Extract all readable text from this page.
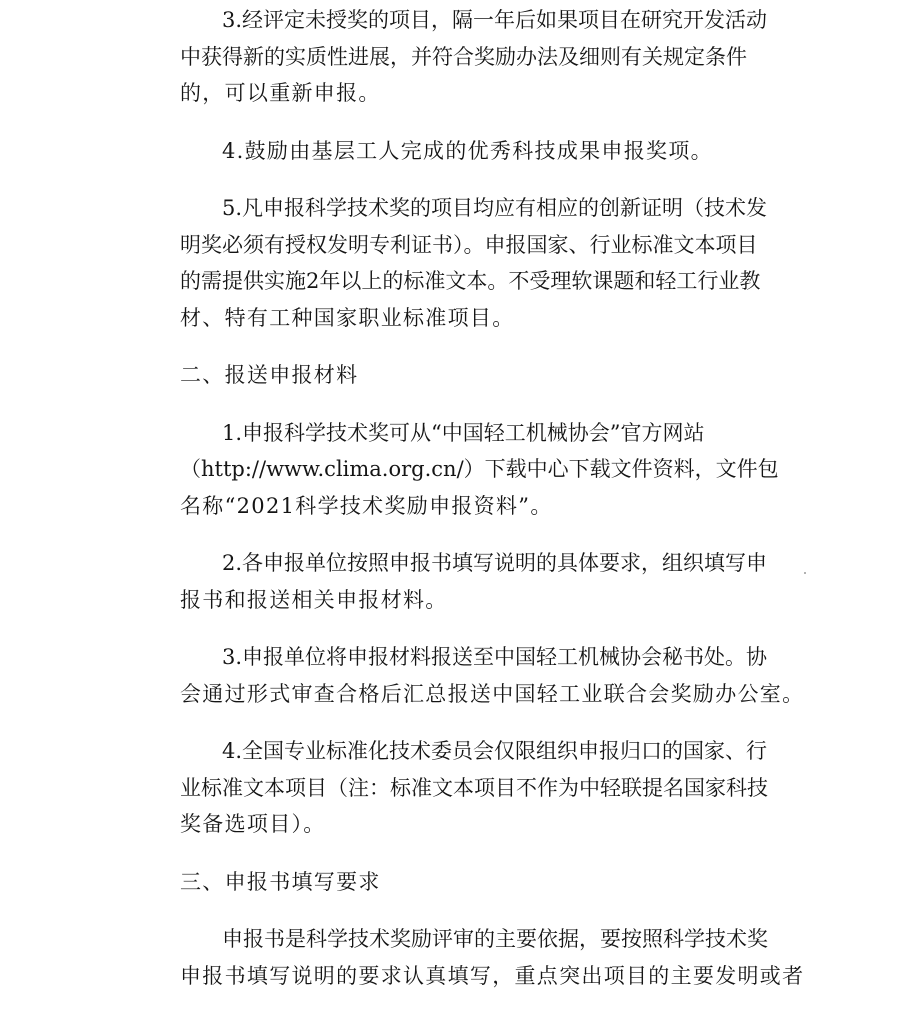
3.经评定未授奖的项目，隔一年后如果项目在研究开发活动
中获得新的实质性进展，并符合奖励办法及细则有关规定条件
的，可以重新申报。
4.鼓励由基层工人完成的优秀科技成果申报奖项。
5.凡申报科学技术奖的项目均应有相应的创新证明（技术发
明奖必须有授权发明专利证书）。申报国家、行业标准文本项目
的需提供实施2年以上的标准文本。不受理软课题和轻工行业教
材、特有工种国家职业标准项目。
二、报送申报材料
1.申报科学技术奖可从“中国轻工机械协会”官方网站
（http://www.clima.org.cn/）下载中心下载文件资料，文件包
名称“2021科学技术奖励申报资料”。
2.各申报单位按照申报书填写说明的具体要求，组织填写申
报书和报送相关申报材料。
3.申报单位将申报材料报送至中国轻工机械协会秘书处。协
会通过形式审查合格后汇总报送中国轻工业联合会奖励办公室。
4.全国专业标准化技术委员会仅限组织申报归口的国家、行
业标准文本项目（注：标准文本项目不作为中轻联提名国家科技
奖备选项目）。
三、申报书填写要求
申报书是科学技术奖励评审的主要依据，要按照科学技术奖
申报书填写说明的要求认真填写，重点突出项目的主要发明或者
